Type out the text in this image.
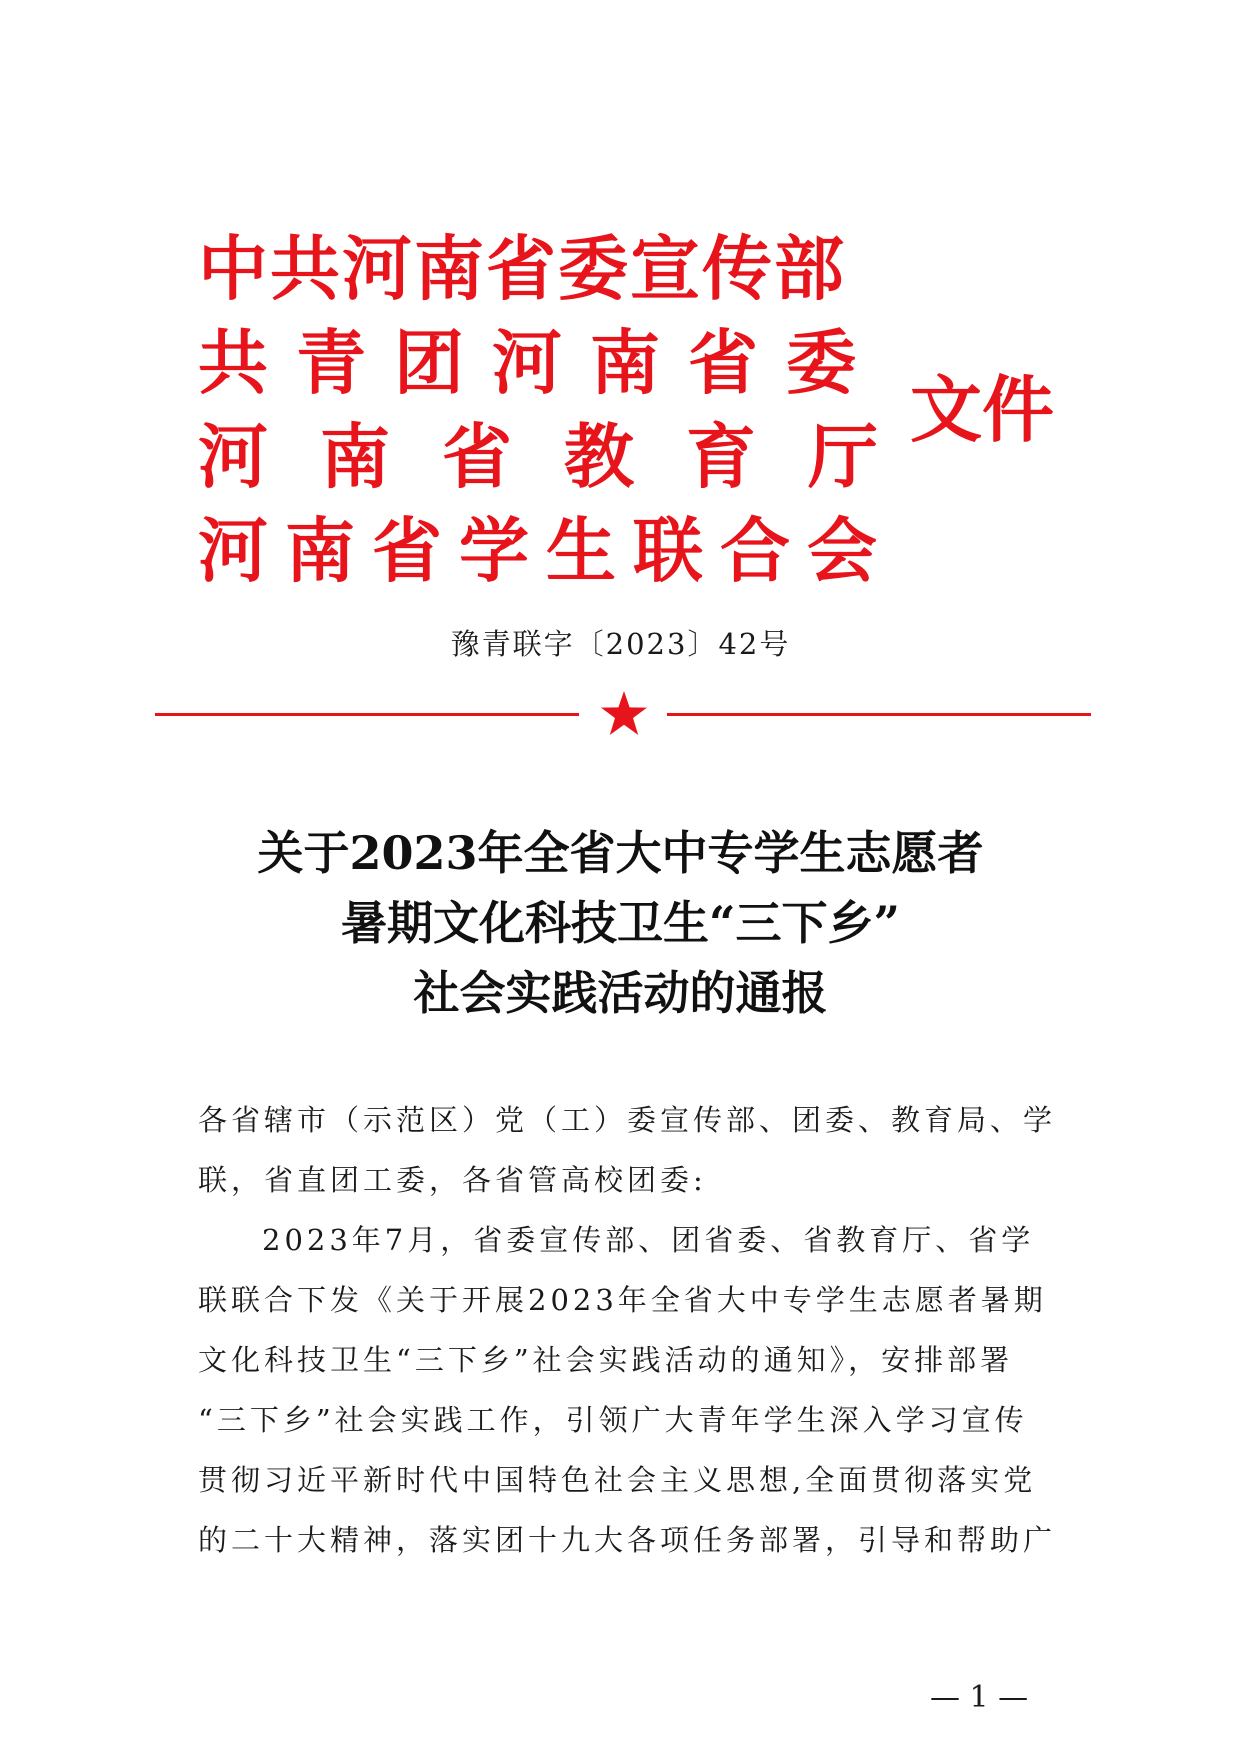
中共河南省委宣传部
共青团河南省委
河南省教育厅
河南省学生联合会
文件
豫青联字〔2023〕42号
关于2023年全省大中专学生志愿者
暑期文化科技卫生“三下乡”
社会实践活动的通报
各省辖市（示范区）党（工）委宣传部、团委、教育局、学
联，省直团工委，各省管高校团委:
2023年7月，省委宣传部、团省委、省教育厅、省学
联联合下发《关于开展2023年全省大中专学生志愿者暑期
文化科技卫生“三下乡”社会实践活动的通知》，安排部署
“三下乡”社会实践工作，引领广大青年学生深入学习宣传
贯彻习近平新时代中国特色社会主义思想,全面贯彻落实党
的二十大精神，落实团十九大各项任务部署，引导和帮助广
— 1 —
